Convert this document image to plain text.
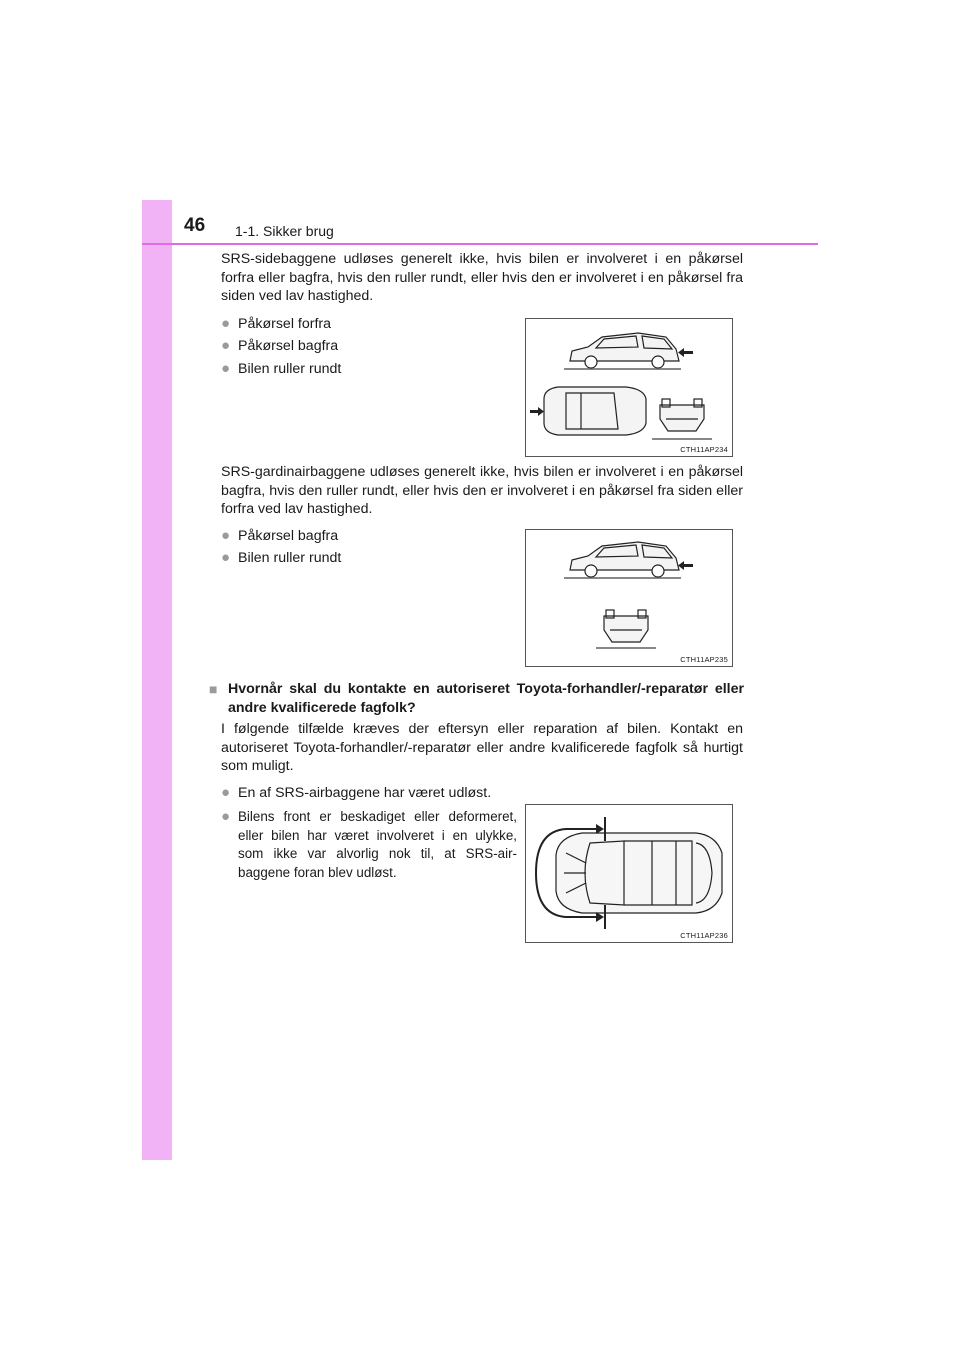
46 1-1. Sikker brug
SRS-sidebaggene udløses generelt ikke, hvis bilen er involveret i en påkørsel forfra eller bagfra, hvis den ruller rundt, eller hvis den er involveret i en påkørsel fra siden ved lav hastighed.
● Påkørsel forfra
● Påkørsel bagfra
● Bilen ruller rundt
CTH11AP234
SRS-gardinairbaggene udløses generelt ikke, hvis bilen er involveret i en påkørsel bagfra, hvis den ruller rundt, eller hvis den er involveret i en påkørsel fra siden eller forfra ved lav hastighed.
● Påkørsel bagfra
● Bilen ruller rundt
CTH11AP235
■ Hvornår skal du kontakte en autoriseret Toyota-forhandler/-reparatør eller andre kvalificerede fagfolk?
I følgende tilfælde kræves der eftersyn eller reparation af bilen. Kontakt en autoriseret Toyota-forhandler/-reparatør eller andre kvalificerede fagfolk så hurtigt som muligt.
● En af SRS-airbaggene har været udløst.
● Bilens front er beskadiget eller deformeret, eller bilen har været involveret i en ulykke, som ikke var alvorlig nok til, at SRS-air-baggene foran blev udløst.
CTH11AP236
